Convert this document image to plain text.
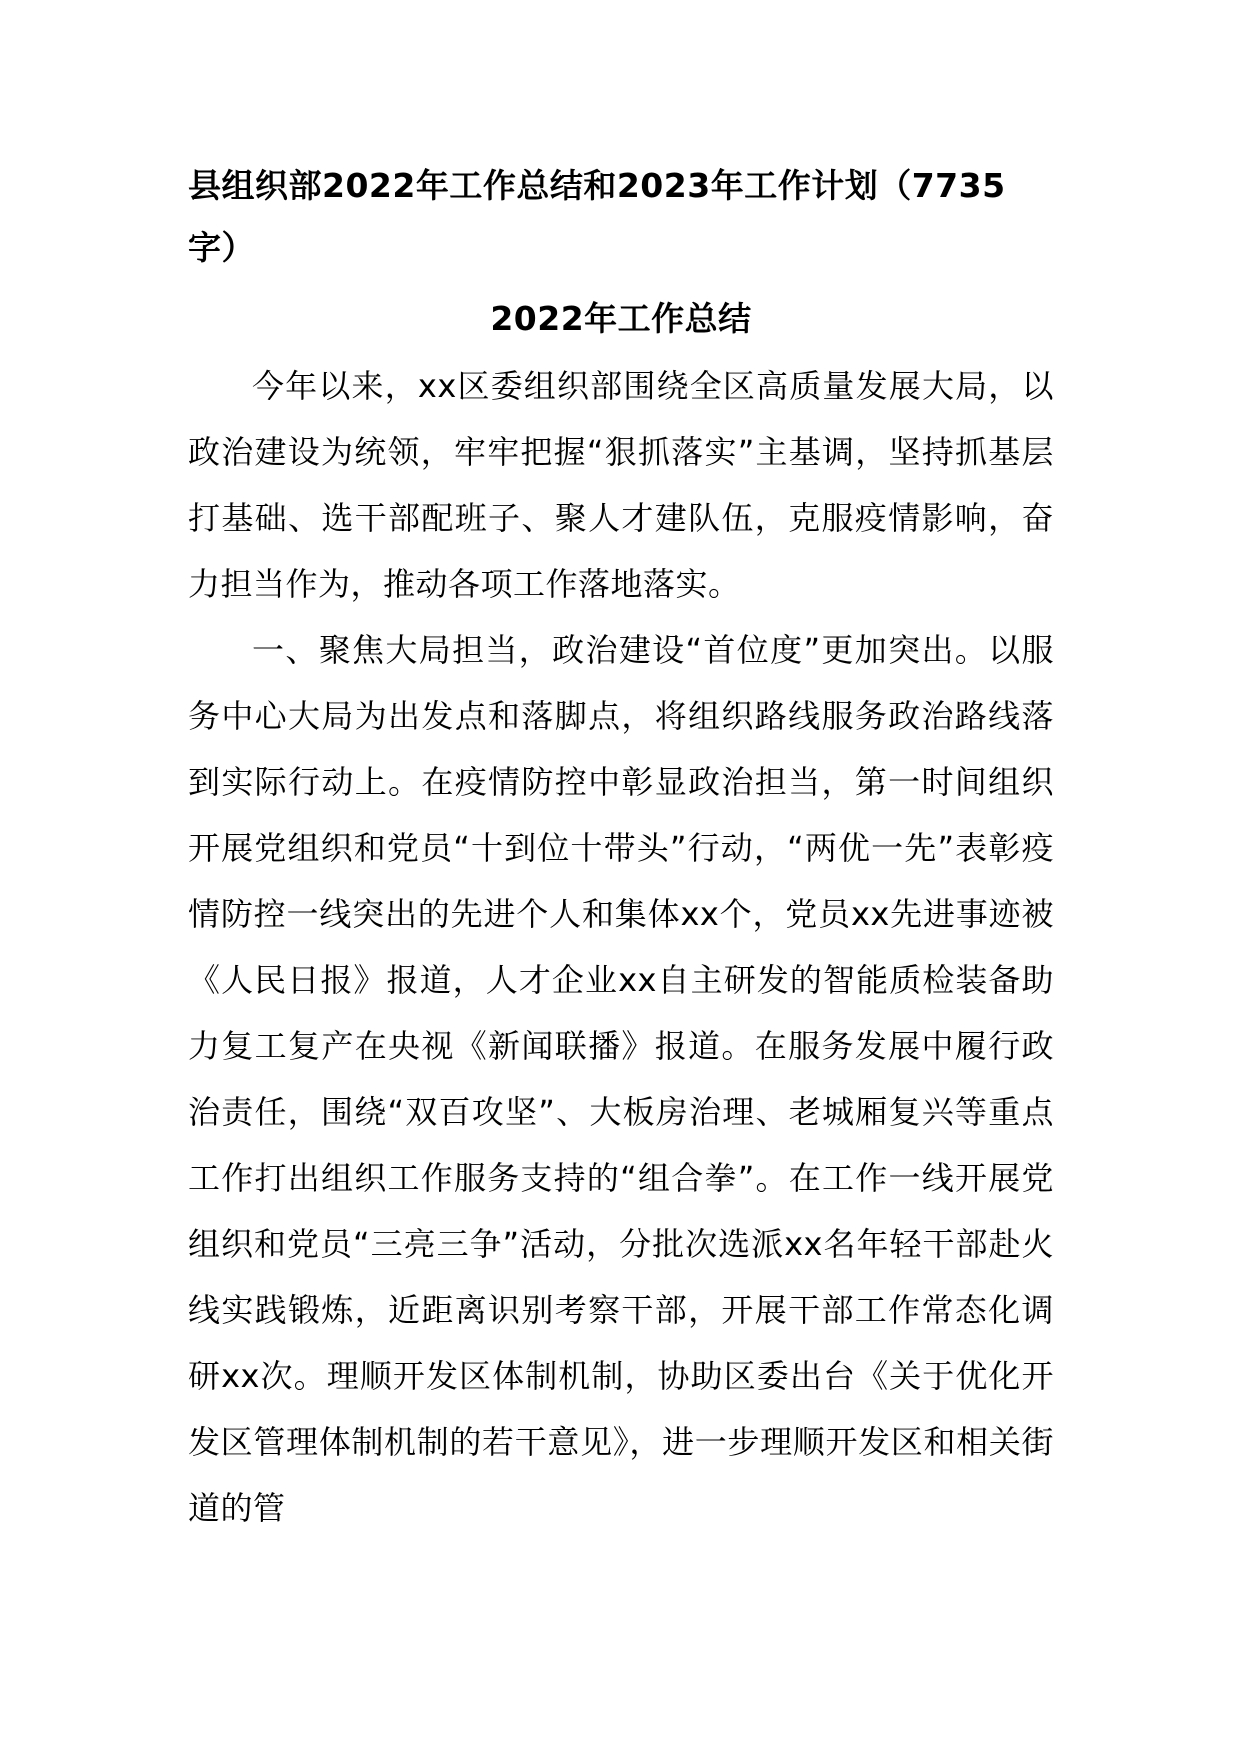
县组织部2022年工作总结和2023年工作计划（7735字）
2022年工作总结

今年以来，xx区委组织部围绕全区高质量发展大局，以政治建设为统领，牢牢把握“狠抓落实”主基调，坚持抓基层打基础、选干部配班子、聚人才建队伍，克服疫情影响，奋力担当作为，推动各项工作落地落实。

一、聚焦大局担当，政治建设“首位度”更加突出。以服务中心大局为出发点和落脚点，将组织路线服务政治路线落到实际行动上。在疫情防控中彰显政治担当，第一时间组织开展党组织和党员“十到位十带头”行动，“两优一先”表彰疫情防控一线突出的先进个人和集体xx个，党员xx先进事迹被《人民日报》报道，人才企业xx自主研发的智能质检装备助力复工复产在央视《新闻联播》报道。在服务发展中履行政治责任，围绕“双百攻坚”、大板房治理、老城厢复兴等重点工作打出组织工作服务支持的“组合拳”。在工作一线开展党组织和党员“三亮三争”活动，分批次选派xx名年轻干部赴火线实践锻炼，近距离识别考察干部，开展干部工作常态化调研xx次。理顺开发区体制机制，协助区委出台《关于优化开发区管理体制机制的若干意见》，进一步理顺开发区和相关街道的管
